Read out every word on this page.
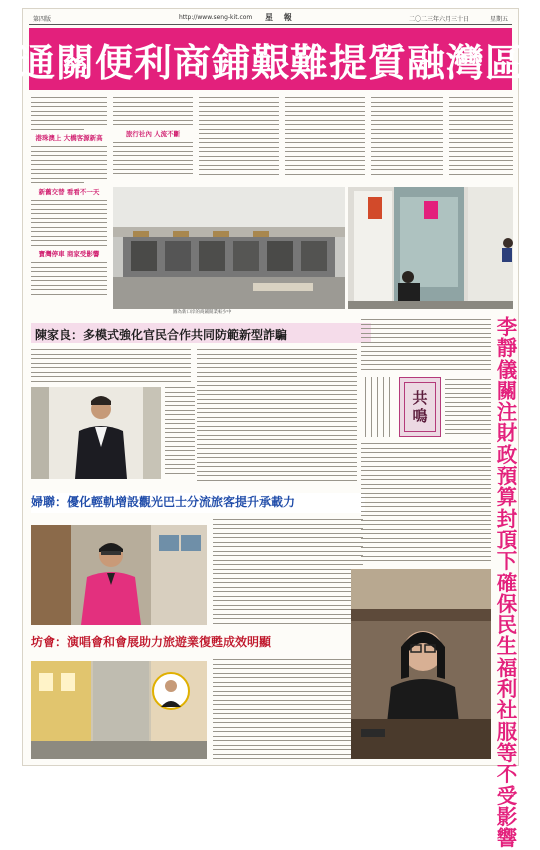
第四版	http://www.seng-kit.com 星 報	二〇二三年六月三十日	星期五
通關便利商鋪艱難提質融灣區
港珠澳上 大橋客源新高
新舊交替 看看不一天
寶灣停車 商家受影響
旅行社內 人流不斷
圖為新口岸的商鋪開業較少中
陳家良：多模式強化官民合作共同防範新型詐騙
婦聯：優化輕軌增設觀光巴士分流旅客提升承載力
坊會：演唱會和會展助力旅遊業復甦成效明顯
共
鳴
李靜儀關注財政預算封頂下確保民生福利社服等不受影響
